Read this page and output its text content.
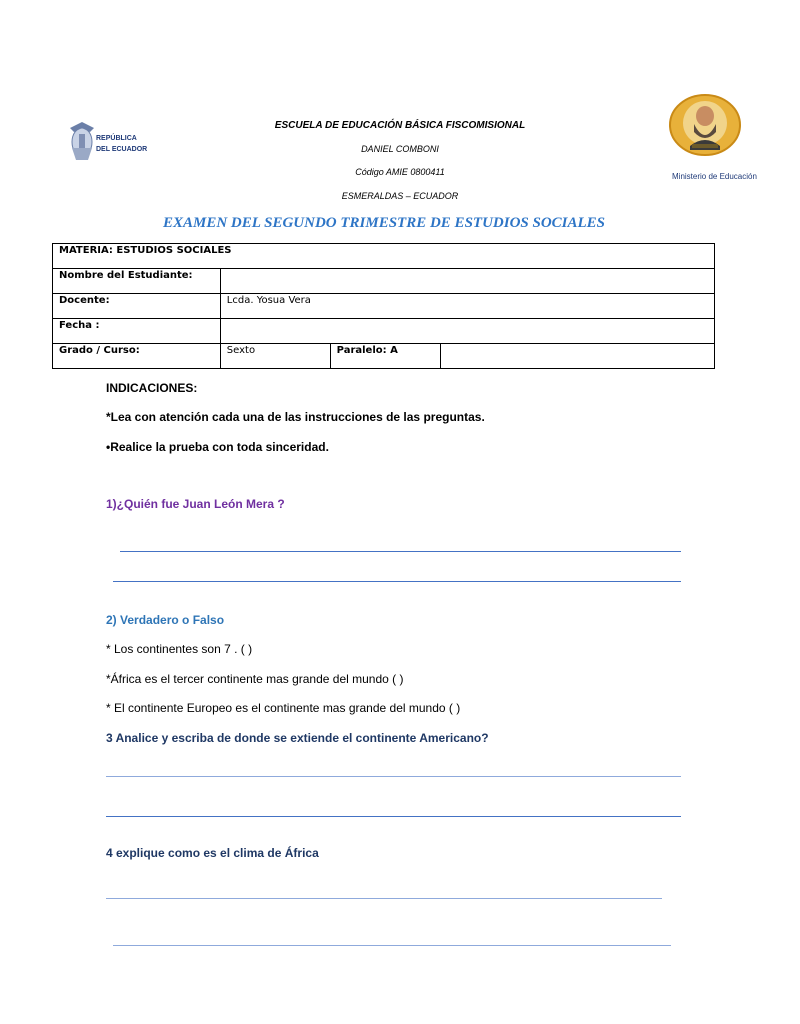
REPÚBLICA
DEL ECUADOR
Ministerio de Educación
ESCUELA DE EDUCACIÓN BÁSICA FISCOMISIONAL
DANIEL COMBONI
Código AMIE 0800411
ESMERALDAS – ECUADOR
EXAMEN DEL SEGUNDO TRIMESTRE DE ESTUDIOS SOCIALES
MATERIA: ESTUDIOS SOCIALES			
Nombre del Estudiante:			
Docente:	Lcda. Yosua Vera		
Fecha :			
Grado / Curso:	Sexto	Paralelo: A	
INDICACIONES:
*Lea con atención cada una de las instrucciones de las preguntas.
•Realice la prueba con toda sinceridad.
1)¿Quién fue Juan León Mera ?
2) Verdadero o Falso
* Los continentes son 7 . ( )
*África es el tercer continente mas grande del mundo ( )
* El continente Europeo es el continente mas grande del mundo ( )
3 Analice y escriba de donde se extiende el continente Americano?
4 explique como es el clima de África
